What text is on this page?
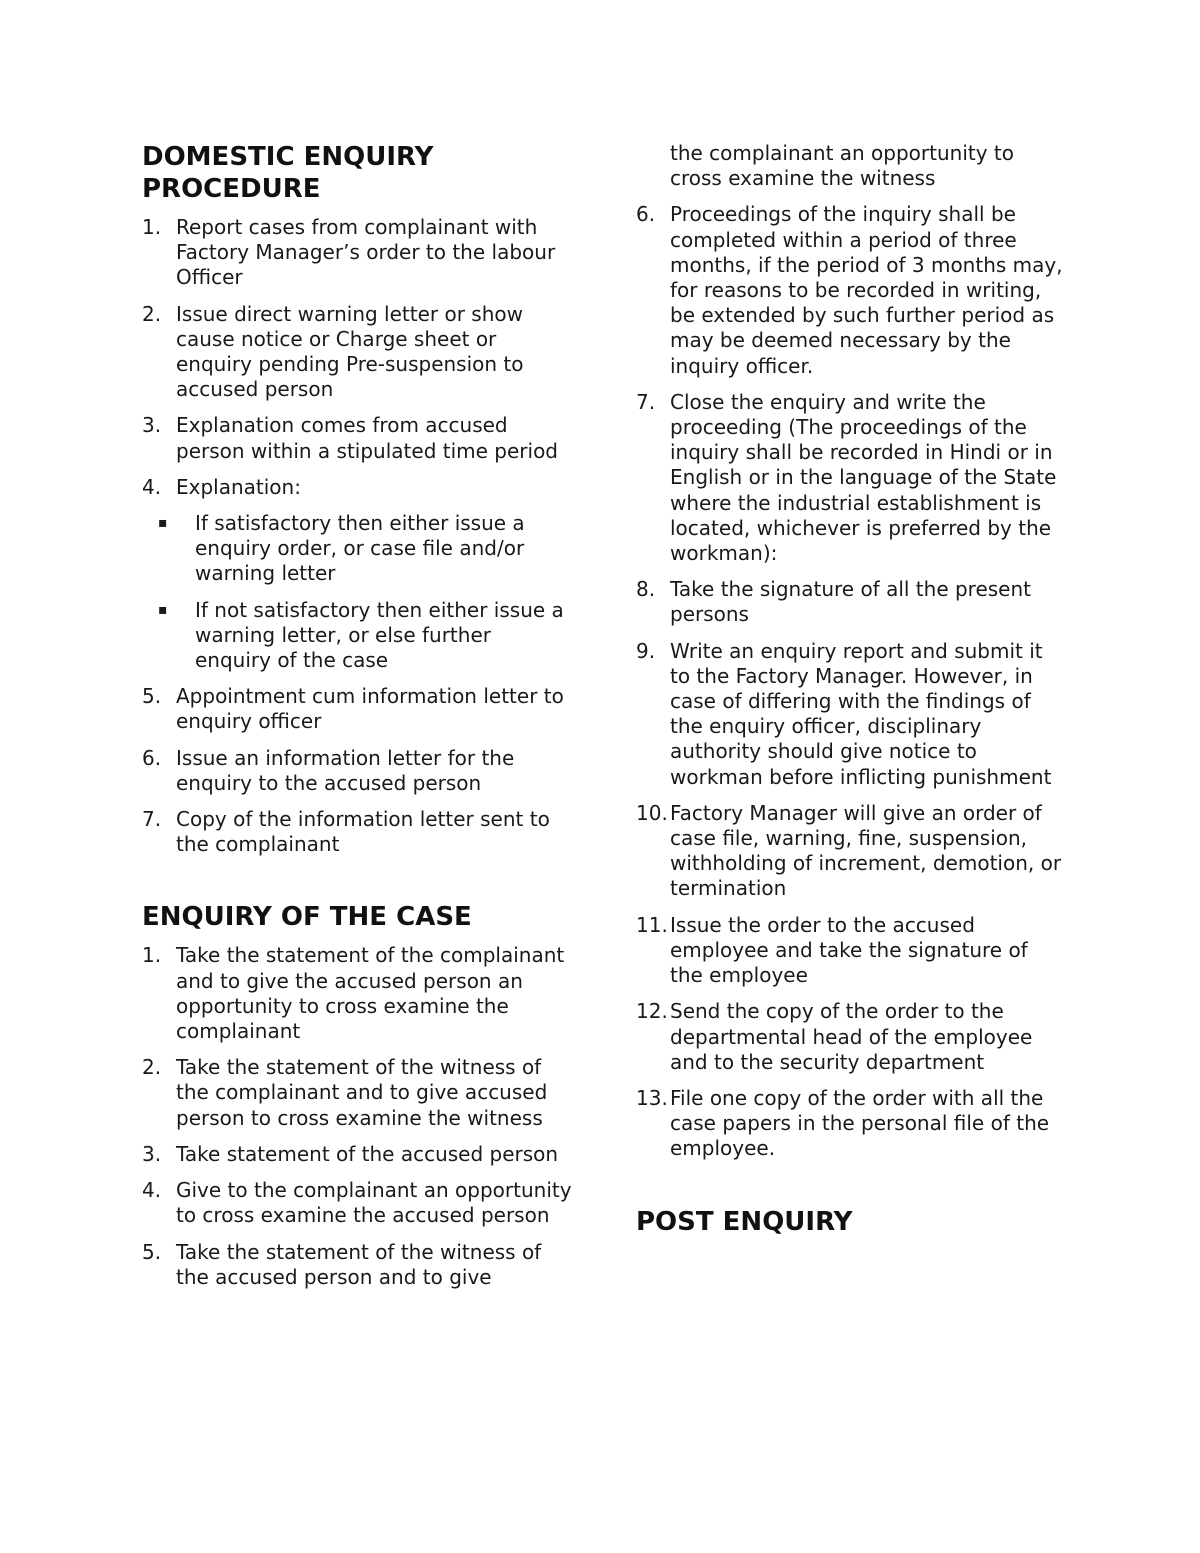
DOMESTIC ENQUIRY
PROCEDURE
1. Report cases from complainant with Factory Manager’s order to the labour Officer
2. Issue direct warning letter or show cause notice or Charge sheet or enquiry pending Pre-suspension to accused person
3. Explanation comes from accused person within a stipulated time period
4. Explanation:
▪ If satisfactory then either issue a enquiry order, or case file and/or warning letter
▪ If not satisfactory then either issue a warning letter, or else further enquiry of the case
5. Appointment cum information letter to enquiry officer
6. Issue an information letter for the enquiry to the accused person
7. Copy of the information letter sent to the complainant
ENQUIRY OF THE CASE
1. Take the statement of the complainant and to give the accused person an opportunity to cross examine the complainant
2. Take the statement of the witness of the complainant and to give accused person to cross examine the witness
3. Take statement of the accused person
4. Give to the complainant an opportunity to cross examine the accused person
5. Take the statement of the witness of the accused person and to give
the complainant an opportunity to cross examine the witness
6. Proceedings of the inquiry shall be completed within a period of three months, if the period of 3 months may, for reasons to be recorded in writing, be extended by such further period as may be deemed necessary by the inquiry officer.
7. Close the enquiry and write the proceeding (The proceedings of the inquiry shall be recorded in Hindi or in English or in the language of the State where the industrial establishment is located, whichever is preferred by the workman):
8. Take the signature of all the present persons
9. Write an enquiry report and submit it to the Factory Manager. However, in case of differing with the findings of the enquiry officer, disciplinary authority should give notice to workman before inflicting punishment
10. Factory Manager will give an order of case file, warning, fine, suspension, withholding of increment, demotion, or termination
11. Issue the order to the accused employee and take the signature of the employee
12. Send the copy of the order to the departmental head of the employee and to the security department
13. File one copy of the order with all the case papers in the personal file of the employee.
POST ENQUIRY
